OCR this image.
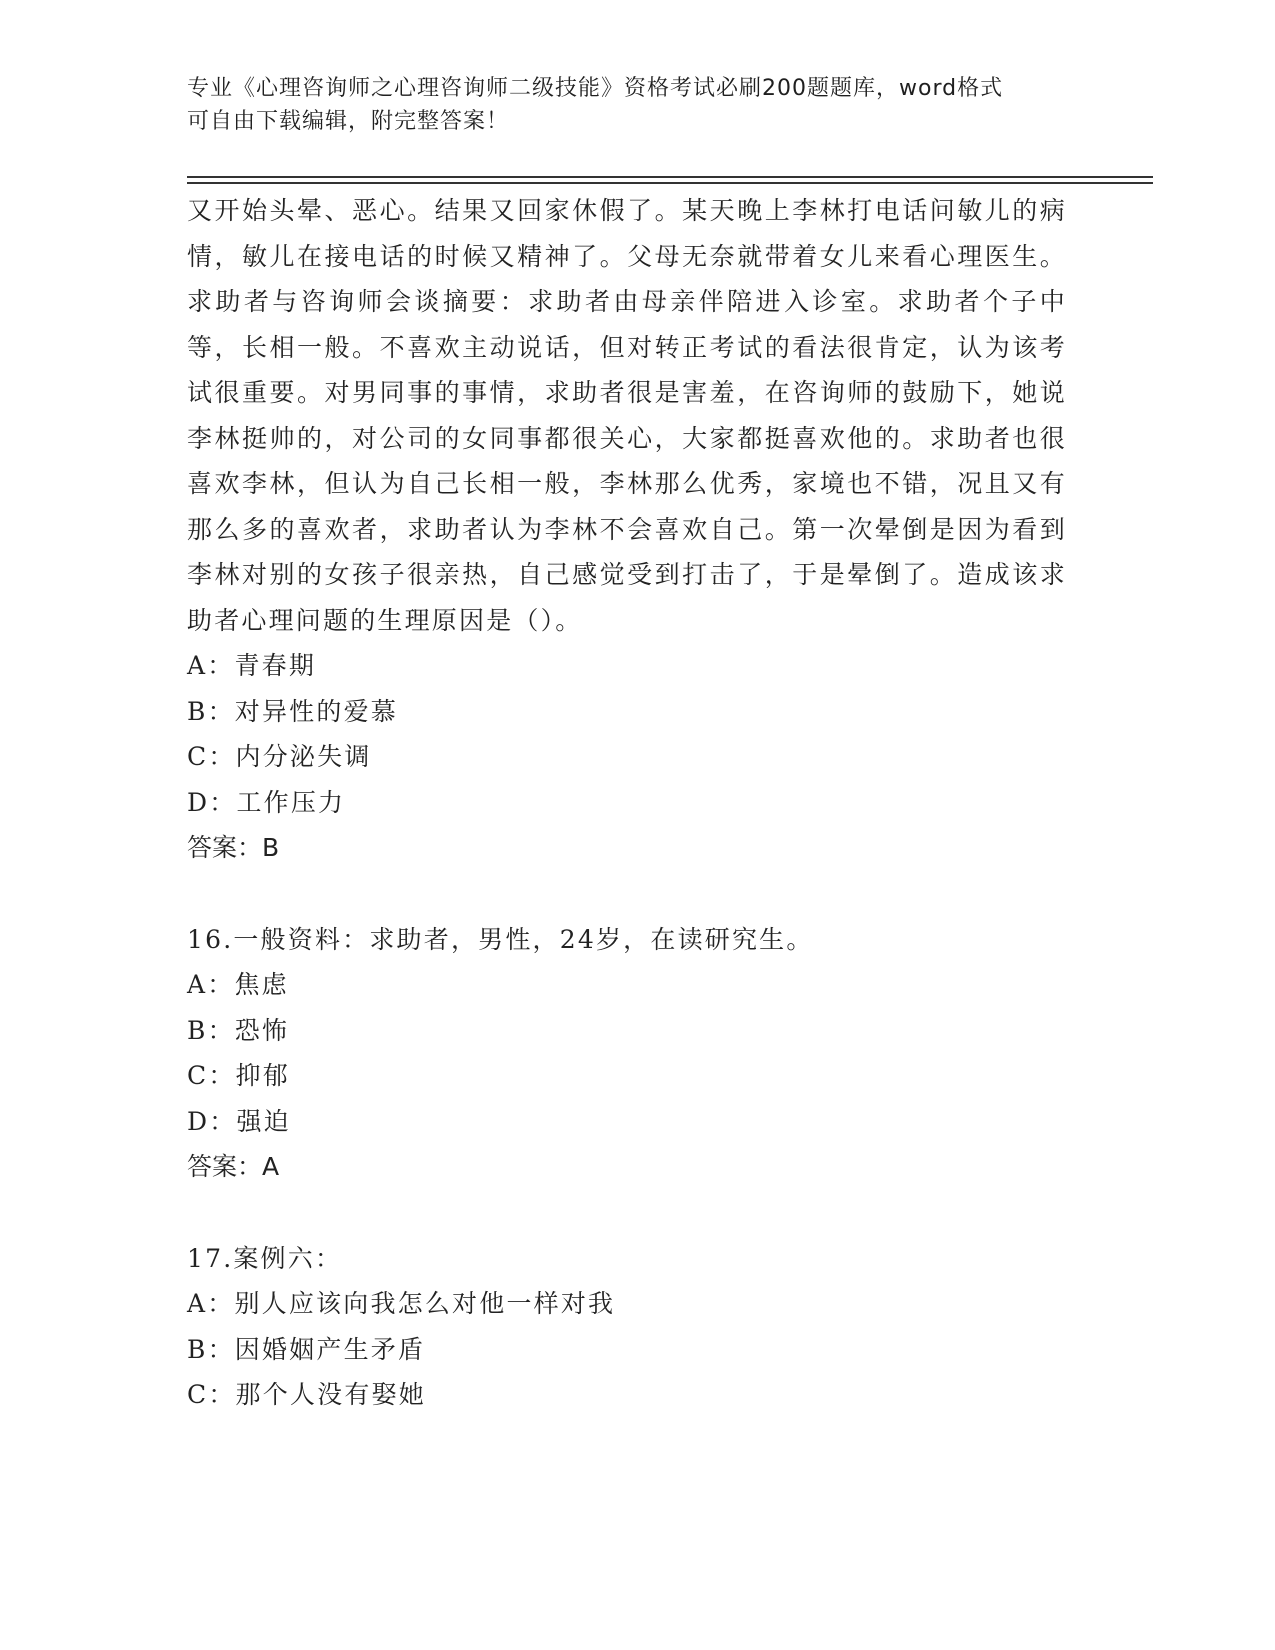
专业《心理咨询师之心理咨询师二级技能》资格考试必刷200题题库，word格式
可自由下载编辑，附完整答案！

又开始头晕、恶心。结果又回家休假了。某天晚上李林打电话问敏儿的病情，敏儿在接电话的时候又精神了。父母无奈就带着女儿来看心理医生。求助者与咨询师会谈摘要：求助者由母亲伴陪进入诊室。求助者个子中等，长相一般。不喜欢主动说话，但对转正考试的看法很肯定，认为该考试很重要。对男同事的事情，求助者很是害羞，在咨询师的鼓励下，她说李林挺帅的，对公司的女同事都很关心，大家都挺喜欢他的。求助者也很喜欢李林，但认为自己长相一般，李林那么优秀，家境也不错，况且又有那么多的喜欢者，求助者认为李林不会喜欢自己。第一次晕倒是因为看到李林对别的女孩子很亲热，自己感觉受到打击了，于是晕倒了。造成该求助者心理问题的生理原因是（）。

A：青春期

B：对异性的爱慕

C：内分泌失调

D：工作压力

答案：B

16.一般资料：求助者，男性，24岁，在读研究生。

A：焦虑

B：恐怖

C：抑郁

D：强迫

答案：A

17.案例六：

A：别人应该向我怎么对他一样对我

B：因婚姻产生矛盾

C：那个人没有娶她
